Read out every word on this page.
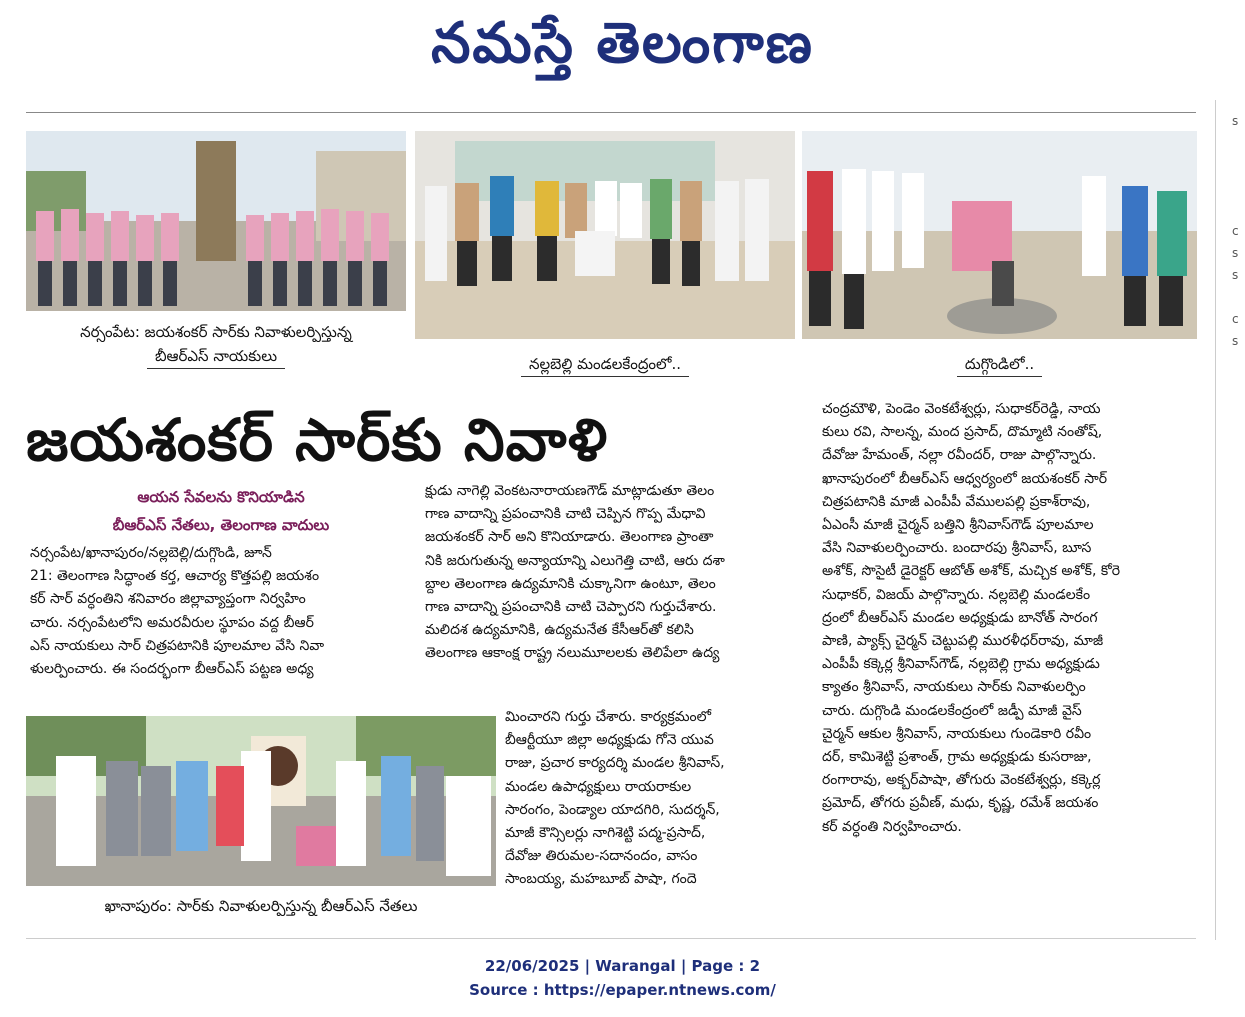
నమస్తే తెలంగాణ
s

c
s
s

c
s
నర్సంపేట: జయశంకర్ సార్‌కు నివాళులర్పిస్తున్న
బీఆర్ఎస్ నాయకులు	నల్లబెల్లి మండలకేంద్రంలో..	దుగ్గొండిలో..
జయశంకర్ సార్‌కు నివాళి
ఆయన సేవలను కొనియాడిన
బీఆర్ఎస్ నేతలు, తెలంగాణ వాదులు
నర్సంపేట/ఖానాపురం/నల్లబెల్లి/దుగ్గొండి, జూన్
21: తెలంగాణ సిద్ధాంత కర్త, ఆచార్య కొత్తపల్లి జయశం
కర్ సార్ వర్ధంతిని శనివారం జిల్లావ్యాప్తంగా నిర్వహిం
చారు. నర్సంపేటలోని అమరవీరుల స్థూపం వద్ద బీఆర్
ఎస్ నాయకులు సార్ చిత్రపటానికి పూలమాల వేసి నివా
ళులర్పించారు. ఈ సందర్భంగా బీఆర్ఎస్ పట్టణ అధ్య
క్షుడు నాగెల్లి వెంకటనారాయణగౌడ్ మాట్లాడుతూ తెలం
గాణ వాదాన్ని ప్రపంచానికి చాటి చెప్పిన గొప్ప మేధావి
జయశంకర్ సార్ అని కొనియాడారు. తెలంగాణ ప్రాంతా
నికి జరుగుతున్న అన్యాయాన్ని ఎలుగెత్తి చాటి, ఆరు దశా
బ్దాల తెలంగాణ ఉద్యమానికి చుక్కానిగా ఉంటూ, తెలం
గాణ వాదాన్ని ప్రపంచానికి చాటి చెప్పారని గుర్తుచేశారు.
మలిదశ ఉద్యమానికి, ఉద్యమనేత కేసీఆర్‌తో కలిసి
తెలంగాణ ఆకాంక్ష రాష్ట్ర నలుమూలలకు తెలిపేలా ఉద్య
మించారని గుర్తు చేశారు. కార్యక్రమంలో
బీఆర్టీయూ జిల్లా అధ్యక్షుడు గోనె యువ
రాజు, ప్రచార కార్యదర్శి మండల శ్రీనివాస్,
మండల ఉపాధ్యక్షులు రాయరాకుల
సారంగం, పెండ్యాల యాదగిరి, సుదర్శన్,
మాజీ కౌన్సిలర్లు నాగిశెట్టి పద్మ-ప్రసాద్,
దేవోజు తిరుమల-సదానందం, వాసం
సాంబయ్య, మహబూబ్ పాషా, గందె
ఖానాపురం: సార్‌కు నివాళులర్పిస్తున్న బీఆర్ఎస్ నేతలు
చంద్రమౌళి, పెండెం వెంకటేశ్వర్లు, సుధాకర్‌రెడ్డి, నాయ
కులు రవి, సాలన్న, మంద ప్రసాద్, దొమ్మాటి నంతోష్,
దేవోజు హేమంత్, నల్లా రవీందర్, రాజు పాల్గొన్నారు.
ఖానాపురంలో బీఆర్ఎస్ ఆధ్వర్యంలో జయశంకర్ సార్
చిత్రపటానికి మాజీ ఎంపీపీ వేములపల్లి ప్రకాశ్‌రావు,
ఏఎంసీ మాజీ చైర్మన్ బత్తిని శ్రీనివాస్‌గౌడ్ పూలమాల
వేసి నివాళులర్పించారు. బందారపు శ్రీనివాస్, బూస
అశోక్, సొసైటీ డైరెక్టర్ ఆబోత్ అశోక్, మచ్చిక అశోక్, కోరె
సుధాకర్, విజయ్ పాల్గొన్నారు. నల్లబెల్లి మండలకేం
ద్రంలో బీఆర్ఎస్ మండల అధ్యక్షుడు బానోత్ సారంగ
పాణి, ప్యాక్స్ చైర్మన్ చెట్టుపల్లి మురళీధర్‌రావు, మాజీ
ఎంపీపీ కక్కెర్ల శ్రీనివాస్‌గౌడ్, నల్లబెల్లి గ్రామ అధ్యక్షుడు
క్యాతం శ్రీనివాస్, నాయకులు సార్‌కు నివాళులర్పిం
చారు. దుగ్గొండి మండలకేంద్రంలో జడ్పీ మాజీ వైస్
చైర్మన్ ఆకుల శ్రీనివాస్, నాయకులు గుండెకారి రవీం
దర్, కామిశెట్టి ప్రశాంత్, గ్రామ అధ్యక్షుడు కుసరాజు,
రంగారావు, అక్బర్‌పాషా, తోగురు వెంకటేశ్వర్లు, కక్కెర్ల
ప్రమోద్, తోగరు ప్రవీణ్, మధు, కృష్ణ, రమేశ్ జయశం
కర్ వర్ధంతి నిర్వహించారు.
22/06/2025 | Warangal | Page : 2
Source : https://epaper.ntnews.com/
